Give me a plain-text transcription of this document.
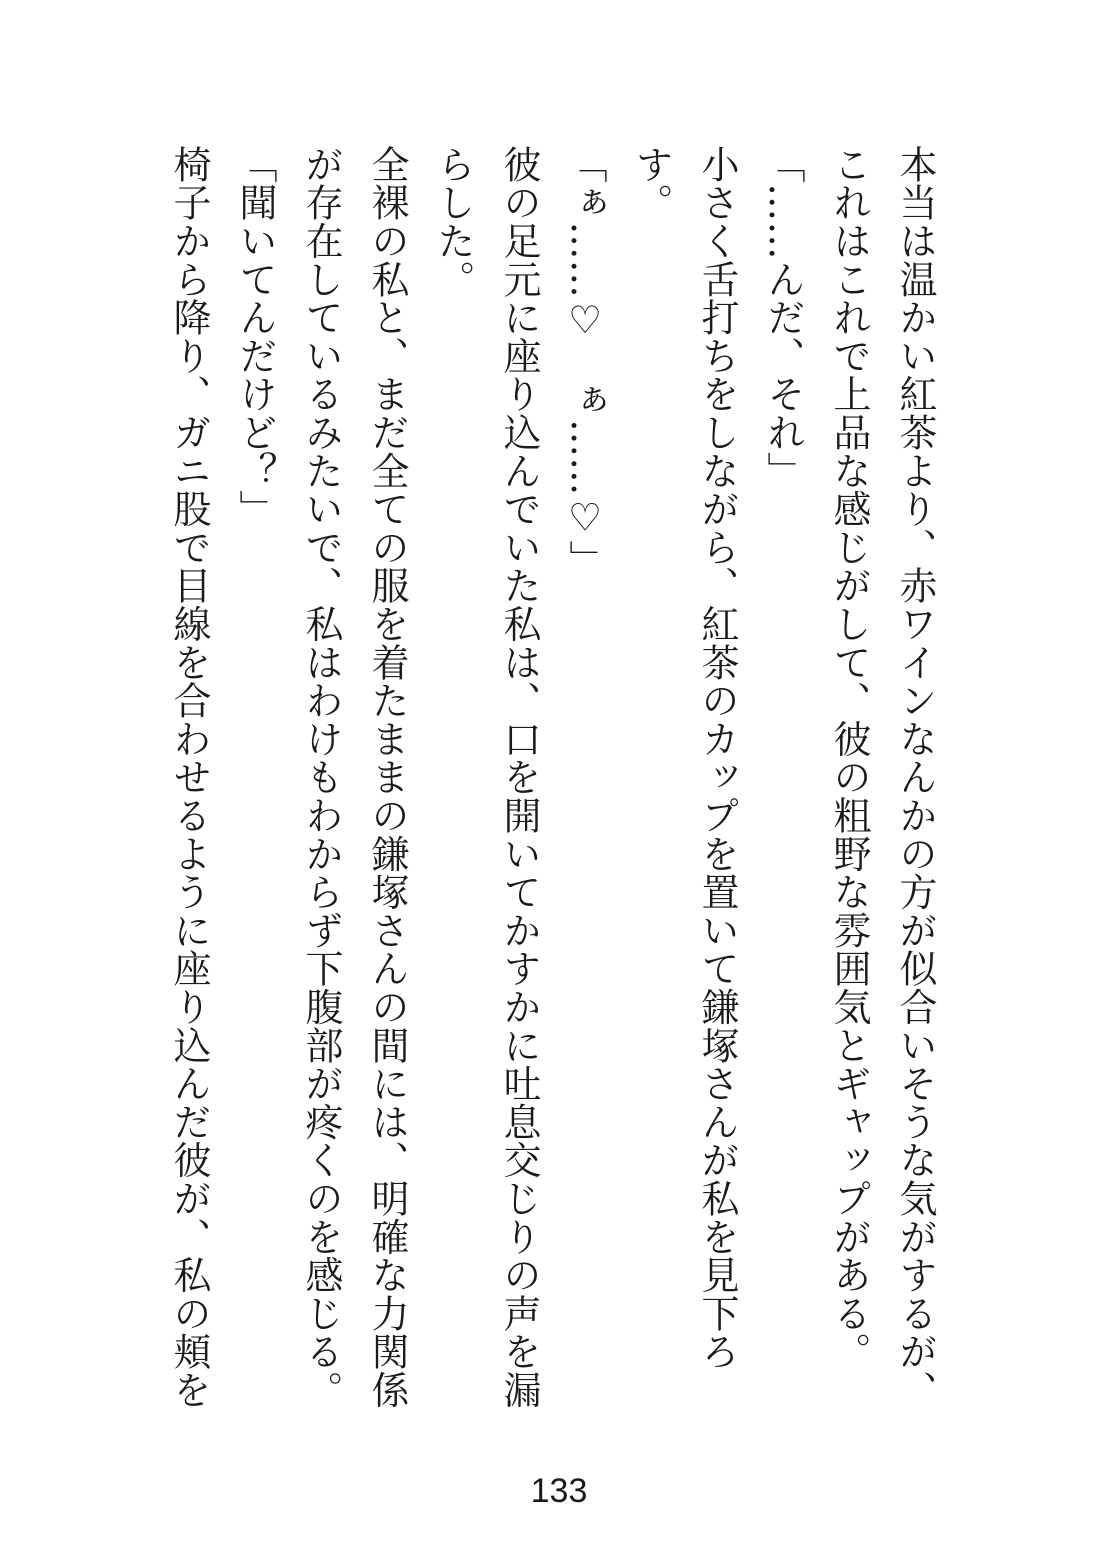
本当は温かい紅茶より、赤ワインなんかの方が似合いそうな気がするが、
これはこれで上品な感じがして、彼の粗野な雰囲気とギャップがある。
「……んだ、それ」
小さく舌打ちをしながら、紅茶のカップを置いて鎌塚さんが私を見下ろ
す。
「ぁ……♡　ぁ……♡」
彼の足元に座り込んでいた私は、口を開いてかすかに吐息交じりの声を漏
らした。
全裸の私と、まだ全ての服を着たままの鎌塚さんの間には、明確な力関係
が存在しているみたいで、私はわけもわからず下腹部が疼くのを感じる。
「聞いてんだけど？」
椅子から降り、ガニ股で目線を合わせるように座り込んだ彼が、私の頬を
133
